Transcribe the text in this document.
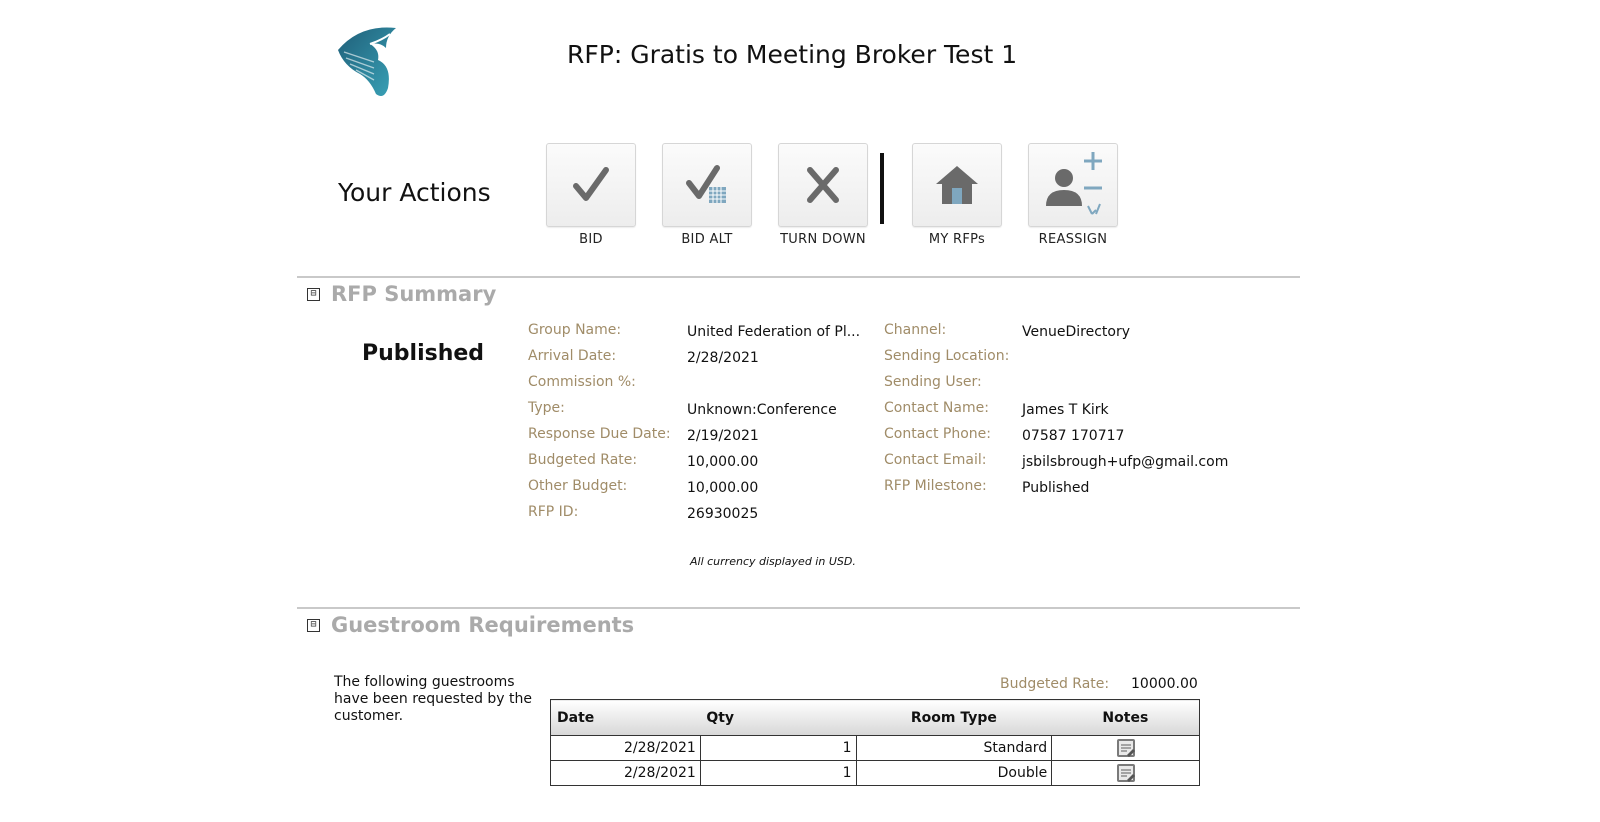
RFP: Gratis to Meeting Broker Test 1
Your Actions
BID	BID ALT	TURN DOWN	MY RFPs	REASSIGN
⊟ RFP Summary
Published
Group Name:	United Federation of Pl...
Arrival Date:	2/28/2021
Commission %:
Type:	Unknown:Conference
Response Due Date: 2/19/2021
Budgeted Rate:	10,000.00
Other Budget:	10,000.00
RFP ID:	26930025
Channel:	VenueDirectory
Sending Location:
Sending User:
Contact Name: James T Kirk
Contact Phone: 07587 170717
Contact Email:	jsbilsbrough+ufp@gmail.com
RFP Milestone:	Published
All currency displayed in USD.
⊟ Guestroom Requirements
The following guestrooms have been requested by the customer.
Budgeted Rate: 10000.00
Date	Qty	Room Type	Notes
2/28/2021	1	Standard	
2/28/2021	1	Double	
